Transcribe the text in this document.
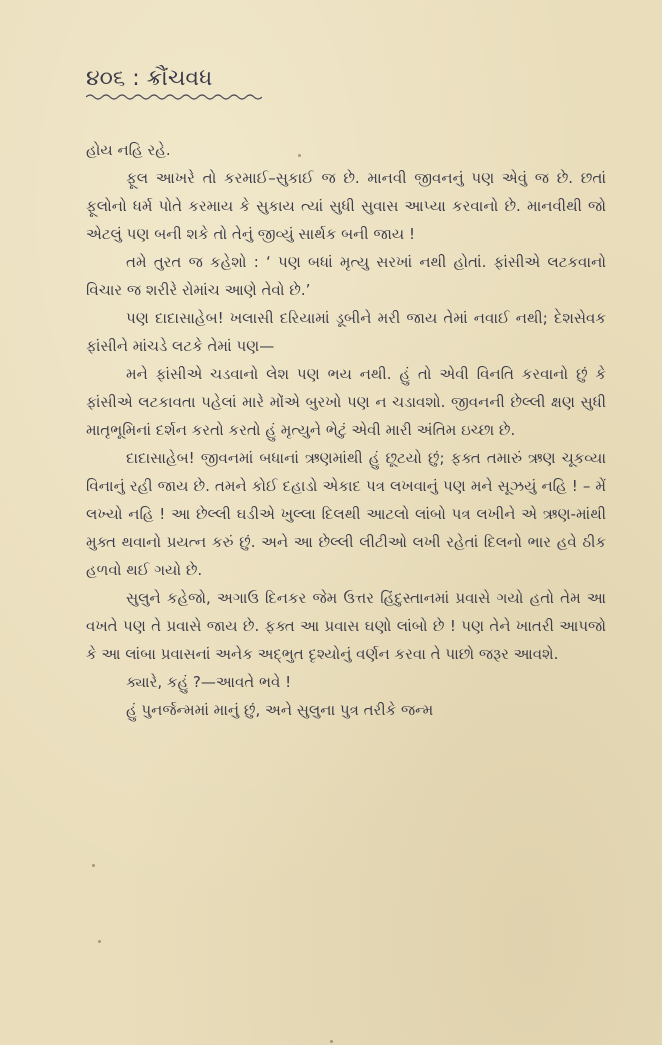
૪૦૬ : ક્રૌંચવધ

હોય નહિ રહે.

ફૂલ આખરે તો કરમાઈ–સુકાઈ જ છે. માનવી જીવનનું પણ એવું જ છે. છતાં ફૂલોનો ધર્મ પોતે કરમાય કે સુકાય ત્યાં સુધી સુવાસ આપ્યા કરવાનો છે. માનવીથી જો એટલું પણ બની શકે તો તેનું જીવ્યું સાર્થક બની જાય !

તમે તુરત જ કહેશો : ‘ પણ બધાં મૃત્યુ સરખાં નથી હોતાં. ફાંસીએ લટકવાનો વિચાર જ શરીરે રોમાંચ આણે તેવો છે.’

પણ દાદાસાહેબ! ખલાસી દરિયામાં ડૂબીને મરી જાય તેમાં નવાઈ નથી; દેશસેવક ફાંસીને માંચડે લટકે તેમાં પણ—

મને ફાંસીએ ચડવાનો લેશ પણ ભય નથી. હું તો એવી વિનતિ કરવાનો છું કે ફાંસીએ લટકાવતા પહેલાં મારે મોંએ બુરખો પણ ન ચડાવશો. જીવનની છેલ્લી ક્ષણ સુધી માતૃભૂમિનાં દર્શન કરતો કરતો હું મૃત્યુને ભેટું એવી મારી અંતિમ ઇચ્છા છે.

દાદાસાહેબ! જીવનમાં બધાનાં ઋણમાંથી હું છૂટયો છું; ફક્ત તમારું ઋણ ચૂકવ્યા વિનાનું રહી જાય છે. તમને કોઈ દહાડો એકાદ પત્ર લખવાનું પણ મને સૂઝયું નહિ ! – મેં લખ્યો નહિ ! આ છેલ્લી ઘડીએ ખુલ્લા દિલથી આટલો લાંબો પત્ર લખીને એ ઋણ-માંથી મુક્ત થવાનો પ્રયત્ન કરું છું. અને આ છેલ્લી લીટીઓ લખી રહેતાં દિલનો ભાર હવે ઠીક હળવો થઈ ગયો છે.

સુલુને કહેજો, અગાઉ દિનકર જેમ ઉત્તર હિંદુસ્તાનમાં પ્રવાસે ગયો હતો તેમ આ વખતે પણ તે પ્રવાસે જાય છે. ફક્ત આ પ્રવાસ ઘણો લાંબો છે ! પણ તેને ખાતરી આપજો કે આ લાંબા પ્રવાસનાં અનેક અદ્ભુત દૃશ્યોનું વર્ણન કરવા તે પાછો જરૂર આવશે.

ક્યારે, કહું ?—આવતે ભવે !

હું પુનર્જન્મમાં માનું છું, અને સુલુના પુત્ર તરીકે જન્મ
